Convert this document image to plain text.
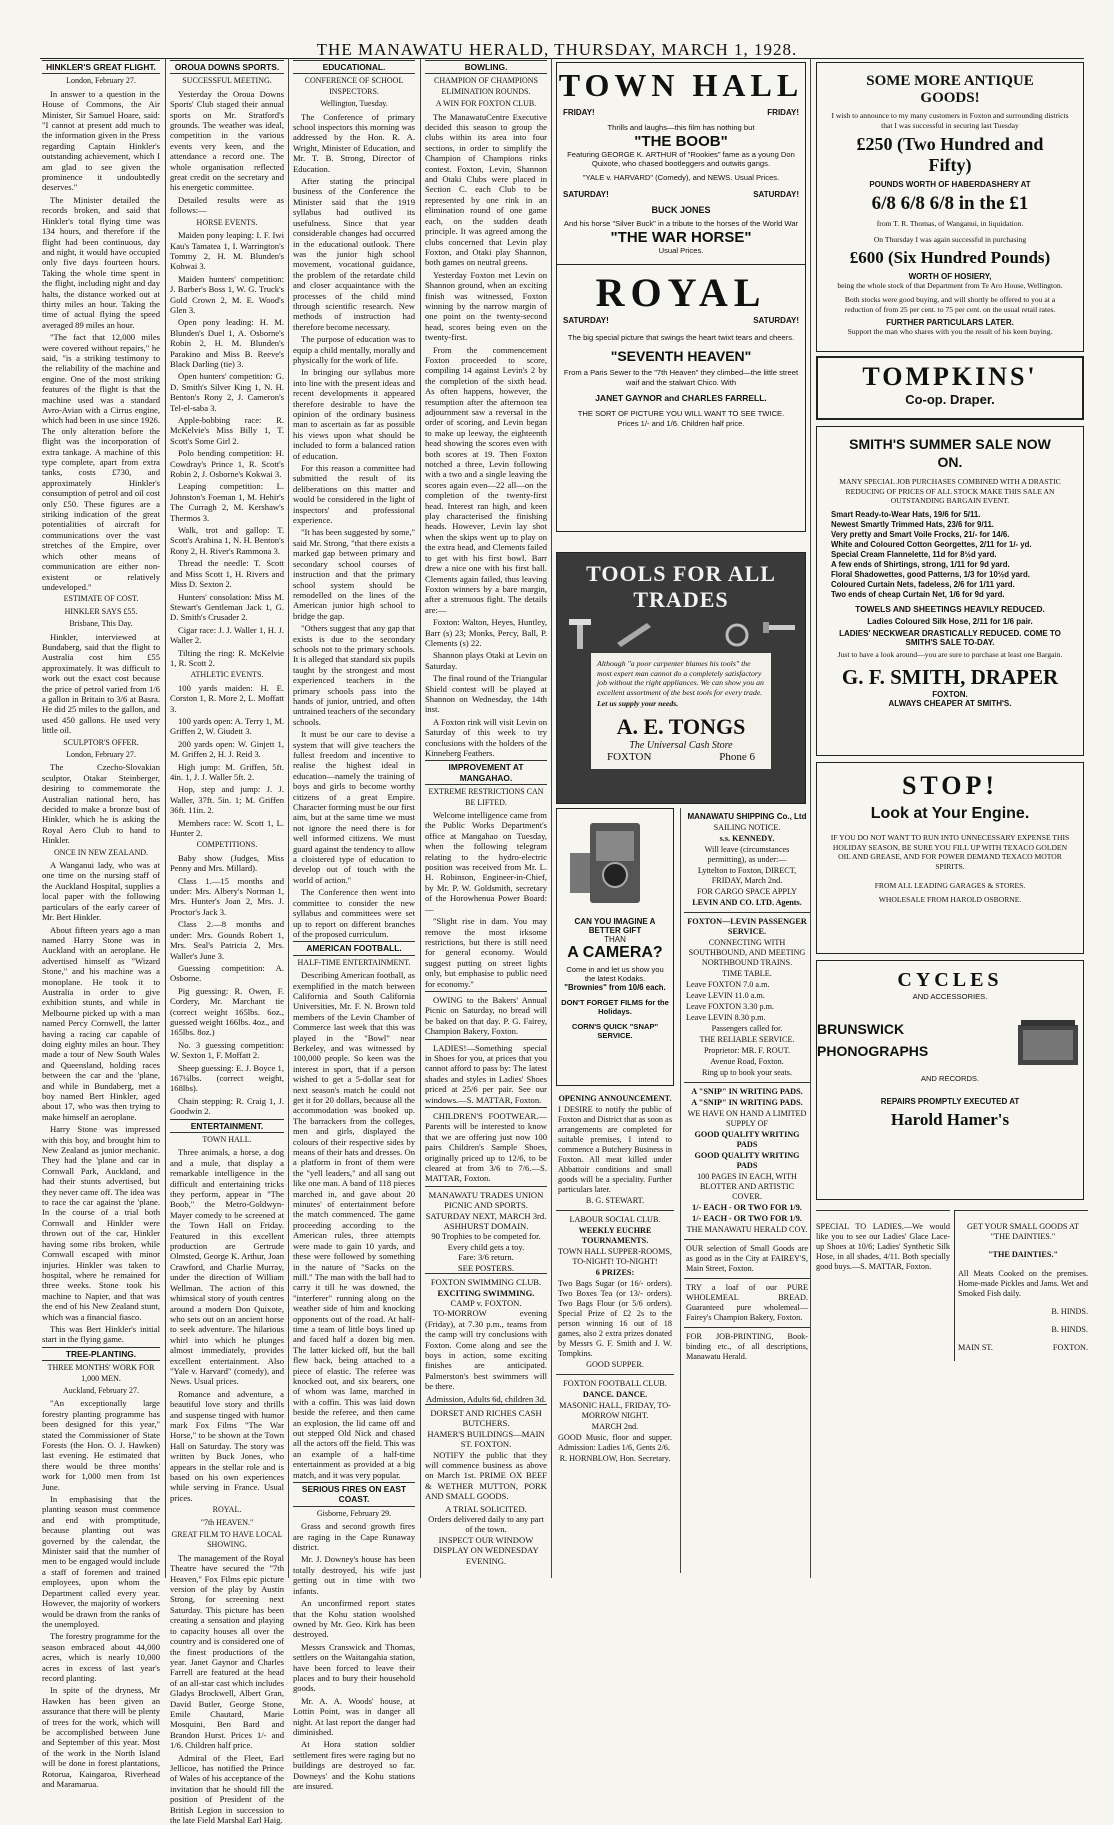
THE MANAWATU HERALD, THURSDAY, MARCH 1, 1928.

HINKLER'S GREAT FLIGHT.

London, February 27.

In answer to a question in the House of Commons, the Air Minister, Sir Samuel Hoare, said: "I cannot at present add much to the information given in the Press regarding Captain Hinkler's outstanding achievement, which I am glad to see given the prominence it undoubtedly deserves."

The Minister detailed the records broken, and said that Hinkler's total flying time was 134 hours, and therefore if the flight had been continuous, day and night, it would have occupied only five days fourteen hours. Taking the whole time spent in the flight, including night and day halts, the distance worked out at thirty miles an hour. Taking the time of actual flying the speed averaged 89 miles an hour.

"The fact that 12,000 miles were covered without repairs," he said, "is a striking testimony to the reliability of the machine and engine. One of the most striking features of the flight is that the machine used was a standard Avro-Avian with a Cirrus engine, which had been in use since 1926. The only alteration before the flight was the incorporation of extra tankage. A machine of this type complete, apart from extra tanks, costs £730, and approximately Hinkler's consumption of petrol and oil cost only £50. These figures are a striking indication of the great potentialities of aircraft for communications over the vast stretches of the Empire, over which other means of communication are either non-existent or relatively undeveloped."

ESTIMATE OF COST.

HINKLER SAYS £55.

Brisbane, This Day.

Hinkler, interviewed at Bundaberg, said that the flight to Australia cost him £55 approximately. It was difficult to work out the exact cost because the price of petrol varied from 1/6 a gallon in Britain to 3/6 at Basra. He did 25 miles to the gallon, and used 450 gallons. He used very little oil.

SCULPTOR'S OFFER.

London, February 27.

The Czecho-Slovakian sculptor, Otakar Steinberger, desiring to commemorate the Australian national hero, has decided to make a bronze bust of Hinkler, which he is asking the Royal Aero Club to hand to Hinkler.

ONCE IN NEW ZEALAND.

A Wanganui lady, who was at one time on the nursing staff of the Auckland Hospital, supplies a local paper with the following particulars of the early career of Mr. Bert Hinkler.

About fifteen years ago a man named Harry Stone was in Auckland with an aeroplane. He advertised himself as "Wizard Stone," and his machine was a monoplane. He took it to Australia in order to give exhibition stunts, and while in Melbourne picked up with a man named Percy Cornwell, the latter having a racing car capable of doing eighty miles an hour. They made a tour of New South Wales and Queensland, holding races between the car and the 'plane, and while in Bundaberg, met a boy named Bert Hinkler, aged about 17, who was then trying to make himself an aeroplane.

Harry Stone was impressed with this boy, and brought him to New Zealand as junior mechanic. They had the 'plane and car in Cornwall Park, Auckland, and had their stunts advertised, but they never came off. The idea was to race the car against the 'plane. In the course of a trial both Cornwall and Hinkler were thrown out of the car, Hinkler having some ribs broken, while Cornwall escaped with minor injuries. Hinkler was taken to hospital, where he remained for three weeks. Stone took his machine to Napier, and that was the end of his New Zealand stunt, which was a financial fiasco.

This was Bert Hinkler's initial start in the flying game.

TREE-PLANTING.

THREE MONTHS' WORK FOR 1,000 MEN.

Auckland, February 27.

"An exceptionally large forestry planting programme has been designed for this year," stated the Commissioner of State Forests (the Hon. O. J. Hawken) last evening. He estimated that there would be three months' work for 1,000 men from 1st June.

In emphasising that the planting season must commence and end with promptitude, because planting out was governed by the calendar, the Minister said that the number of men to be engaged would include a staff of foremen and trained employees, upon whom the Department called every year. However, the majority of workers would be drawn from the ranks of the unemployed.

The forestry programme for the season embraced about 44,000 acres, which is nearly 10,000 acres in excess of last year's record planting.

In spite of the dryness, Mr Hawken has been given an assurance that there will be plenty of trees for the work, which will be accomplished between June and September of this year. Most of the work in the North Island will be done in forest plantations, Rotorua, Kaingaroa, Riverhead and Maramarua.

OROUA DOWNS SPORTS.

SUCCESSFUL MEETING.

Yesterday the Oroua Downs Sports' Club staged their annual sports on Mr. Stratford's grounds. The weather was ideal, competition in the various events very keen, and the attendance a record one. The whole organisation reflected great credit on the secretary and his energetic committee.

Detailed results were as follows:—

HORSE EVENTS.

Maiden pony leaping: I. F. Iwi Kau's Tamatea 1, I. Warrington's Tommy 2, H. M. Blunden's Kohwai 3.

Maiden hunters' competition: J. Barber's Boss 1, W. G. Truck's Gold Crown 2, M. E. Wood's Glen 3.

Open pony leading: H. M. Blunden's Duel 1, A. Osborne's Robin 2, H. M. Blunden's Parakino and Miss B. Reeve's Black Darling (tie) 3.

Open hunters' competition: G. D. Smith's Silver King 1, N. H. Benton's Rony 2, J. Cameron's Tel-el-saba 3.

Apple-bobbing race: R. McKelvie's Miss Billy 1, T. Scott's Some Girl 2.

Polo bending competition: H. Cowdray's Prince 1, R. Scott's Robin 2, J. Osborne's Kokwai 3.

Leaping competition: L. Johnston's Foeman 1, M. Hehir's The Curragh 2, M. Kershaw's Thermos 3.

Walk, trot and gallop: T. Scott's Arabina 1, N. H. Benton's Rony 2, H. River's Rammona 3.

Thread the needle: T. Scott and Miss Scott 1, H. Rivers and Miss D. Sexton 2.

Hunters' consolation: Miss M. Stewart's Gentleman Jack 1, G. D. Smith's Crusader 2.

Cigar race: J. J. Waller 1, H. J. Waller 2.

Tilting the ring: R. McKelvie 1, R. Scott 2.

ATHLETIC EVENTS.

100 yards maiden: H. E. Corston 1, R. More 2, L. Moffatt 3.

100 yards open: A. Terry 1, M. Griffen 2, W. Giudett 3.

200 yards open: W. Ginjett 1, M. Griffen 2, H. J. Reid 3.

High jump: M. Griffen, 5ft. 4in. 1, J. J. Waller 5ft. 2.

Hop, step and jump: J. J. Waller, 37ft. 5in. 1; M. Griffen 36ft. 11in. 2.

Members race: W. Scott 1, L. Hunter 2.

COMPETITIONS.

Baby show (Judges, Miss Penny and Mrs. Millard).

Class 1.—15 months and under: Mrs. Albery's Norman 1, Mrs. Hunter's Joan 2, Mrs. J. Proctor's Jack 3.

Class 2.—8 months and under: Mrs. Gounds Robert 1, Mrs. Seal's Patricia 2, Mrs. Waller's June 3.

Guessing competition: A. Osborne.

Pig guessing: R. Owen, F. Cordery, Mr. Marchant tie (correct weight 165lbs. 6oz., guessed weight 166lbs. 4oz., and 165lbs. 8oz.)

No. 3 guessing competition: W. Sexton 1, F. Moffatt 2.

Sheep guessing: E. J. Boyce 1, 167¼lbs. (correct weight, 168lbs).

Chain stepping: R. Craig 1, J. Goodwin 2.

ENTERTAINMENT.

TOWN HALL.

Three animals, a horse, a dog and a mule, that display a remarkable intelligence in the difficult and entertaining tricks they perform, appear in "The Boob," the Metro-Goldwyn-Mayer comedy to be screened at the Town Hall on Friday. Featured in this excellent production are Gertrude Olmsted, George K. Arthur, Joan Crawford, and Charlie Murray, under the direction of William Wellman. The action of this whimsical story of youth centres around a modern Don Quixote, who sets out on an ancient horse to seek adventure. The hilarious whirl into which he plunges almost immediately, provides excellent entertainment. Also "Yale v. Harvard" (comedy), and News. Usual prices.

Romance and adventure, a beautiful love story and thrills and suspense tinged with humor mark Fox Films "The War Horse," to be shown at the Town Hall on Saturday. The story was written by Buck Jones, who appears in the stellar role and is based on his own experiences while serving in France. Usual prices.

ROYAL.

"7th HEAVEN."

GREAT FILM TO HAVE LOCAL SHOWING.

The management of the Royal Theatre have secured the "7th Heaven," Fox Films epic picture version of the play by Austin Strong, for screening next Saturday. This picture has been creating a sensation and playing to capacity houses all over the country and is considered one of the finest productions of the year. Janet Gaynor and Charles Farrell are featured at the head of an all-star cast which includes Gladys Brockwell, Albert Gran, David Butler, George Stone, Emile Chautard, Marie Mosquini, Ben Bard and Brandon Hurst. Prices 1/- and 1/6. Children half price.

Admiral of the Fleet, Earl Jellicoe, has notified the Prince of Wales of his acceptance of the invitation that he should fill the position of President of the British Legion in succession to the late Field Marshal Earl Haig.

EDUCATIONAL.

CONFERENCE OF SCHOOL INSPECTORS.

Wellington, Tuesday.

The Conference of primary school inspectors this morning was addressed by the Hon. R. A. Wright, Minister of Education, and Mr. T. B. Strong, Director of Education.

After stating the principal business of the Conference the Minister said that the 1919 syllabus had outlived its usefulness. Since that year considerable changes had occurred in the educational outlook. There was the junior high school movement, vocational guidance, the problem of the retardate child and closer acquaintance with the processes of the child mind through scientific research. New methods of instruction had therefore become necessary.

The purpose of education was to equip a child mentally, morally and physically for the work of life.

In bringing our syllabus more into line with the present ideas and recent developments it appeared therefore desirable to have the opinion of the ordinary business man to ascertain as far as possible his views upon what should be included to form a balanced ration of education.

For this reason a committee had submitted the result of its deliberations on this matter and would be considered in the light of inspectors' and professional experience.

"It has been suggested by some," said Mr. Strong, "that there exists a marked gap between primary and secondary school courses of instruction and that the primary school system should be remodelled on the lines of the American junior high school to bridge the gap.

"Others suggest that any gap that exists is due to the secondary schools not to the primary schools. It is alleged that standard six pupils taught by the strongest and most experienced teachers in the primary schools pass into the hands of junior, untried, and often untrained teachers of the secondary schools.

It must be our care to devise a system that will give teachers the fullest freedom and incentive to realise the highest ideal in education—namely the training of boys and girls to become worthy citizens of a great Empire. Character forming must be our first aim, but at the same time we must not ignore the need there is for well informed citizens. We must guard against the tendency to allow a cloistered type of education to develop out of touch with the world of action."

The Conference then went into committee to consider the new syllabus and committees were set up to report on different branches of the proposed curriculum.

AMERICAN FOOTBALL.

HALF-TIME ENTERTAINMENT.

Describing American football, as exemplified in the match between California and South California Universities, Mr. F. N. Brown told members of the Levin Chamber of Commerce last week that this was played in the "Bowl" near Berkeley, and was witnessed by 100,000 people. So keen was the interest in sport, that if a person wished to get a 5-dollar seat for next season's match he could not get it for 20 dollars, because all the accommodation was booked up. The barrackers from the colleges, men and girls, displayed the colours of their respective sides by means of their hats and dresses. On a platform in front of them were the "yell leaders," and all sang out like one man. A band of 118 pieces marched in, and gave about 20 minutes' of entertainment before the match commenced. The game proceeding according to the American rules, three attempts were made to gain 10 yards, and these were followed by something in the nature of "Sacks on the mill." The man with the ball had to carry it till he was downed, the "interferer" running along on the weather side of him and knocking opponents out of the road. At half-time a team of little boys lined up and faced half a dozen big men. The latter kicked off, but the ball flew back, being attached to a piece of elastic. The referee was knocked out, and six bearers, one of whom was lame, marched in with a coffin. This was laid down beside the referee, and then came an explosion, the lid came off and out stepped Old Nick and chased all the actors off the field. This was an example of a half-time entertainment as provided at a big match, and it was very popular.

SERIOUS FIRES ON EAST COAST.

Gisborne, February 29.

Grass and second growth fires are raging in the Cape Runaway district.

Mr. J. Downey's house has been totally destroyed, his wife just getting out in time with two infants.

An unconfirmed report states that the Kohu station woolshed owned by Mr. Geo. Kirk has been destroyed.

Messrs Cranswick and Thomas, settlers on the Waitangahia station, have been forced to leave their places and to bury their household goods.

Mr. A. A. Woods' house, at Lottin Point, was in danger all night. At last report the danger had diminished.

At Hora station soldier settlement fires were raging but no buildings are destroyed so far. Downeys' and the Kohu stations are insured.

BOWLING.

CHAMPION OF CHAMPIONS ELIMINATION ROUNDS.

A WIN FOR FOXTON CLUB.

The ManawatuCentre Executive decided this season to group the clubs within its area into four sections, in order to simplify the Champion of Champions rinks contest. Foxton, Levin, Shannon and Otaki Clubs were placed in Section C. each Club to be represented by one rink in an elimination round of one game each, on the sudden death principle. It was agreed among the clubs concerned that Levin play Foxton, and Otaki play Shannon, both games on neutral greens.

Yesterday Foxton met Levin on Shannon ground, when an exciting finish was witnessed, Foxton winning by the narrow margin of one point on the twenty-second head, scores being even on the twenty-first.

From the commencement Foxton proceeded to score, compiling 14 against Levin's 2 by the completion of the sixth head. As often happens, however, the resumption after the afternoon tea adjournment saw a reversal in the order of scoring, and Levin began to make up leeway, the eighteenth head showing the scores even with both scores at 19. Then Foxton notched a three, Levin following with a two and a single leaving the scores again even—22 all—on the completion of the twenty-first head. Interest ran high, and keen play characterised the finishing heads. However, Levin lay shot when the skips went up to play on the extra head, and Clements failed to get with his first bowl. Barr drew a nice one with his first ball. Clements again failed, thus leaving Foxton winners by a bare margin, after a strenuous fight. The details are:—

Foxton: Walton, Heyes, Huntley, Barr (s) 23; Monks, Percy, Ball, P. Clements (s) 22.

Shannon plays Otaki at Levin on Saturday.

The final round of the Triangular Shield contest will be played at Shannon on Wednesday, the 14th inst.

A Foxton rink will visit Levin on Saturday of this week to try conclusions with the holders of the Kinneberg Feathers.

IMPROVEMENT AT MANGAHAO.

EXTREME RESTRICTIONS CAN BE LIFTED.

Welcome intelligence came from the Public Works Department's office at Mangahao on Tuesday, when the following telegram relating to the hydro-electric position was received from Mr. L. H. Robinson, Engineer-in-Chief, by Mr. P. W. Goldsmith, secretary of the Horowhenua Power Board:—

"Slight rise in dam. You may remove the most irksome restrictions, but there is still need for general economy. Would suggest putting on street lights only, but emphasise to public need for economy."

OWING to the Bakers' Annual Picnic on Saturday, no bread will be baked on that day. P. G. Fairey, Champion Bakery, Foxton.

LADIES!—Something special in Shoes for you, at prices that you cannot afford to pass by: The latest shades and styles in Ladies' Shoes priced at 25/6 per pair. See our windows.—S. MATTAR, Foxton.

CHILDREN'S FOOTWEAR.—Parents will be interested to know that we are offering just now 100 pairs Children's Sample Shoes, originally priced up to 12/6, to be cleared at from 3/6 to 7/6.—S. MATTAR, Foxton.

MANAWATU TRADES UNION PICNIC AND SPORTS.
SATURDAY NEXT, MARCH 3rd.
ASHHURST DOMAIN.
90 Trophies to be competed for. Every child gets a toy.
Fare: 3/6 return.
SEE POSTERS.
FOXTON SWIMMING CLUB.
EXCITING SWIMMING.
CAMP v. FOXTON.

TO-MORROW evening (Friday), at 7.30 p.m., teams from the camp will try conclusions with Foxton. Come along and see the boys in action, some exciting finishes are anticipated. Palmerston's best swimmers will be there.

Admission, Adults 6d, children 3d.
DORSET AND RICHES CASH BUTCHERS.
HAMER'S BUILDINGS—MAIN ST. FOXTON.

NOTIFY the public that they will commence business as above on March 1st. PRIME OX BEEF & WETHER MUTTON, PORK AND SMALL GOODS.

A TRIAL SOLICITED.
Orders delivered daily to any part of the town.
INSPECT OUR WINDOW DISPLAY ON WEDNESDAY EVENING.
TOWN HALL
FRIDAY!	FRIDAY!
Thrills and laughs—this film has nothing but
"THE BOOB"
Featuring GEORGE K. ARTHUR of "Rookies" fame as a young Don Quixote, who chased bootleggers and outwits gangs.
"YALE v. HARVARD" (Comedy), and NEWS. Usual Prices.
SATURDAY!	SATURDAY!
BUCK JONES
And his horse "Silver Buck" in a tribute to the horses of the World War
"THE WAR HORSE"
Usual Prices.
ROYAL
SATURDAY!	SATURDAY!
The big special picture that swings the heart twixt tears and cheers.
"SEVENTH HEAVEN"
From a Paris Sewer to the "7th Heaven" they climbed—the little street waif and the stalwart Chico. With
JANET GAYNOR and CHARLES FARRELL.
THE SORT OF PICTURE YOU WILL WANT TO SEE TWICE.
Prices 1/- and 1/6. Children half price.
TOOLS FOR ALL TRADES
Although "a poor carpenter blames his tools" the most expert man cannot do a completely satisfactory job without the right appliances. We can show you an excellent assortment of the best tools for every trade.
Let us supply your needs.
A. E. TONGS
The Universal Cash Store
FOXTON	Phone 6
CAN YOU IMAGINE A BETTER GIFT
THAN
A CAMERA?
Come in and let us show you the latest Kodaks.
"Brownies" from 10/6 each.
DON'T FORGET FILMS for the Holidays.
CORN'S QUICK "SNAP" SERVICE.

OPENING ANNOUNCEMENT.

I DESIRE to notify the public of Foxton and District that as soon as arrangements are completed for suitable premises, I intend to commence a Butchery Business in Foxton. All meat killed under Abbattoir conditions and small goods will be a speciality. Further particulars later.

B. G. STEWART.

LABOUR SOCIAL CLUB.

WEEKLY EUCHRE TOURNAMENTS.

TOWN HALL SUPPER-ROOMS, TO-NIGHT! TO-NIGHT!

6 PRIZES:

Two Bags Sugar (or 16/- orders). Two Boxes Tea (or 13/- orders). Two Bags Flour (or 5/6 orders). Special Prize of £2 2s to the person winning 16 out of 18 games, also 2 extra prizes donated by Messrs G. F. Smith and J. W. Tompkins.

GOOD SUPPER.

FOXTON FOOTBALL CLUB.

DANCE. DANCE.

MASONIC HALL, FRIDAY, TO-MORROW NIGHT.

MARCH 2nd.

GOOD Music, floor and supper. Admission: Ladies 1/6, Gents 2/6.

R. HORNBLOW, Hon. Secretary.

MANAWATU SHIPPING Co., Ltd

SAILING NOTICE.

s.s. KENNEDY.

Will leave (circumstances permitting), as under:—

Lyttelton to Foxton, DIRECT, FRIDAY, March 2nd.

FOR CARGO SPACE APPLY

LEVIN AND CO. LTD. Agents.

FOXTON—LEVIN PASSENGER SERVICE.

CONNECTING WITH SOUTHBOUND, AND MEETING NORTHBOUND TRAINS.

TIME TABLE.

Leave FOXTON 7.0 a.m.

Leave LEVIN 11.0 a.m.

Leave FOXTON 3.30 p.m.

Leave LEVIN 8.30 p.m.

Passengers called for.

THE RELIABLE SERVICE.

Proprietor: MR. F. ROUT.

Avenue Road, Foxton.

Ring up to book your seats.

A "SNIP" IN WRITING PADS.

A "SNIP" IN WRITING PADS.

WE HAVE ON HAND A LIMITED SUPPLY OF

GOOD QUALITY WRITING PADS

GOOD QUALITY WRITING PADS

100 PAGES IN EACH, WITH BLOTTER AND ARTISTIC COVER.

1/- EACH - OR TWO FOR 1/9.

1/- EACH - OR TWO FOR 1/9.

THE MANAWATU HERALD COY.

OUR selection of Small Goods are as good as in the City at FAIREY'S, Main Street, Foxton.

TRY a loaf of our PURE WHOLEMEAL BREAD. Guaranteed pure wholemeal—Fairey's Champion Bakery, Foxton.

FOR JOB-PRINTING, Book-binding etc., of all descriptions, Manawatu Herald.

SOME MORE ANTIQUE GOODS!
I wish to announce to my many customers in Foxton and surrounding districts that I was successful in securing last Tuesday
£250 (Two Hundred and Fifty)
POUNDS WORTH OF HABERDASHERY AT
6/8 6/8 6/8 in the £1
from T. R. Thomas, of Wanganui, in liquidation.
On Thursday I was again successful in purchasing
£600 (Six Hundred Pounds)
WORTH OF HOSIERY,
being the whole stock of that Department from Te Aro House, Wellington.
Both stocks were good buying, and will shortly be offered to you at a reduction of from 25 per cent. to 75 per cent. on the usual retail rates.
FURTHER PARTICULARS LATER.
Support the man who shares with you the result of his keen buying.
TOMPKINS'
Co-op. Draper.
SMITH'S SUMMER SALE NOW ON.
MANY SPECIAL JOB PURCHASES COMBINED WITH A DRASTIC REDUCING OF PRICES OF ALL STOCK MAKE THIS SALE AN OUTSTANDING BARGAIN EVENT.
Smart Ready-to-Wear Hats, 19/6 for 5/11.
Newest Smartly Trimmed Hats, 23/6 for 9/11.
Very pretty and Smart Voile Frocks, 21/- for 14/6.
White and Coloured Cotton Georgettes, 2/11 for 1/- yd.
Special Cream Flannelette, 11d for 8½d yard.
A few ends of Shirtings, strong, 1/11 for 9d yard.
Floral Shadowettes, good Patterns, 1/3 for 10½d yard.
Coloured Curtain Nets, fadeless, 2/6 for 1/11 yard.
Two ends of cheap Curtain Net, 1/6 for 9d yard.
TOWELS AND SHEETINGS HEAVILY REDUCED.
Ladies Coloured Silk Hose, 2/11 for 1/6 pair.
LADIES' NECKWEAR DRASTICALLY REDUCED. COME TO SMITH'S SALE TO-DAY.
Just to have a look around—you are sure to purchase at least one Bargain.
G. F. SMITH, DRAPER
FOXTON.
ALWAYS CHEAPER AT SMITH'S.
STOP!
Look at Your Engine.
IF YOU DO NOT WANT TO RUN INTO UNNECESSARY EXPENSE THIS HOLIDAY SEASON, BE SURE YOU FILL UP WITH TEXACO GOLDEN OIL AND GREASE, AND FOR POWER DEMAND TEXACO MOTOR SPIRITS.
FROM ALL LEADING GARAGES & STORES.
WHOLESALE FROM HAROLD OSBORNE.
CYCLES
AND ACCESSORIES.
BRUNSWICK PHONOGRAPHS
AND RECORDS.
REPAIRS PROMPTLY EXECUTED AT
Harold Hamer's

SPECIAL TO LADIES.—We would like you to see our Ladies' Glace Lace-up Shoes at 10/6; Ladies' Synthetic Silk Hose, in all shades, 4/11. Both specially good buys.—S. MATTAR, Foxton.

GET YOUR SMALL GOODS AT "THE DAINTIES."

"THE DAINTIES."

All Meats Cooked on the premises. Home-made Pickles and Jams. Wet and Smoked Fish daily.

B. HINDS.

B. HINDS.

MAIN ST.	FOXTON.
